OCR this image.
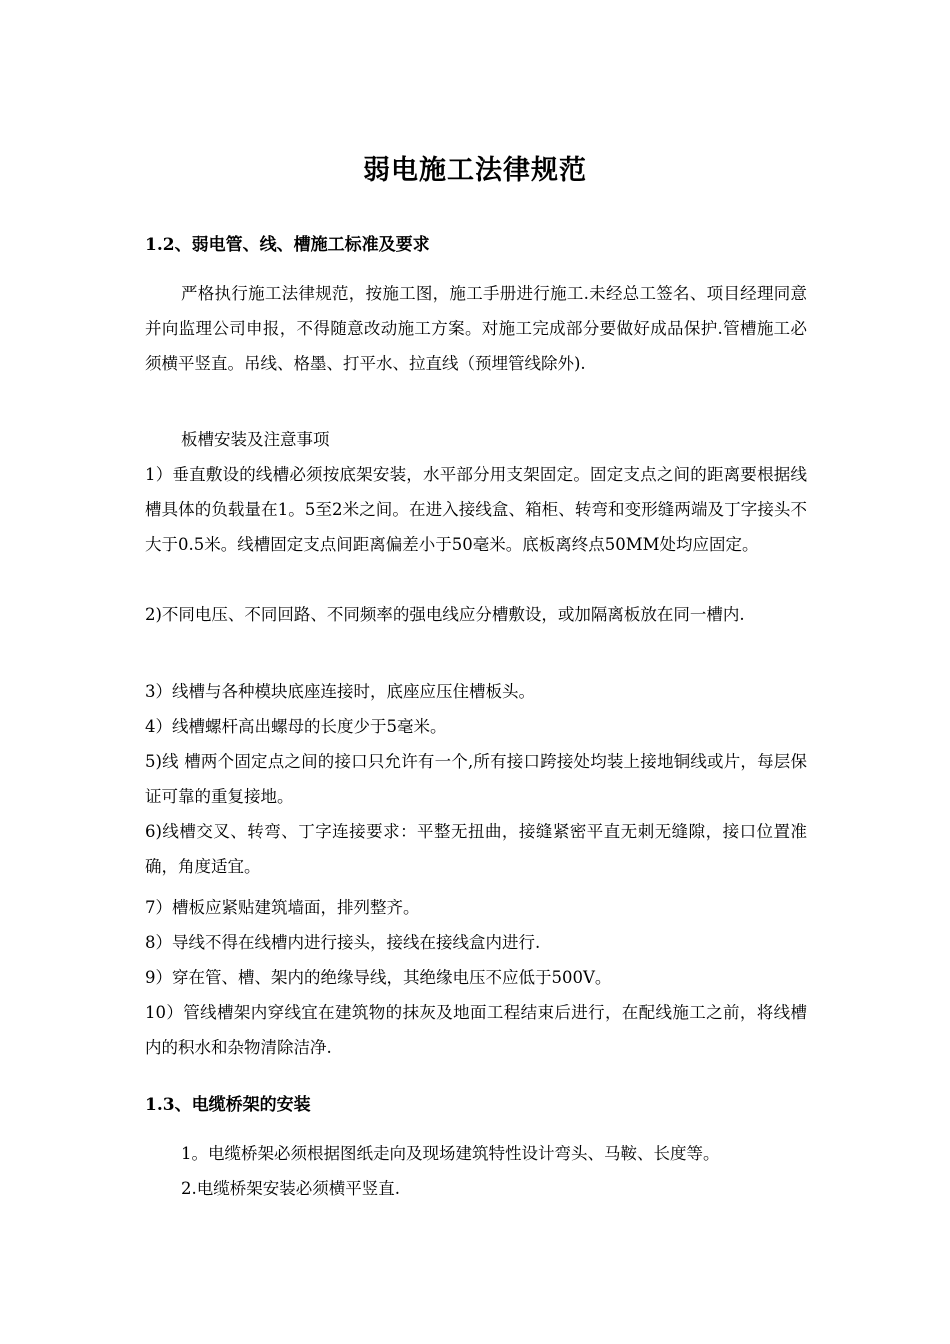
弱电施工法律规范
1.2、弱电管、线、槽施工标准及要求
严格执行施工法律规范，按施工图，施工手册进行施工.未经总工签名、项目经理同意并向监理公司申报，不得随意改动施工方案。对施工完成部分要做好成品保护.管槽施工必须横平竖直。吊线、格墨、打平水、拉直线（预埋管线除外).
板槽安装及注意事项
1）垂直敷设的线槽必须按底架安装，水平部分用支架固定。固定支点之间的距离要根据线槽具体的负载量在1。5至2米之间。在进入接线盒、箱柜、转弯和变形缝两端及丁字接头不大于0.5米。线槽固定支点间距离偏差小于50毫米。底板离终点50MM处均应固定。
2)不同电压、不同回路、不同频率的强电线应分槽敷设，或加隔离板放在同一槽内.
3）线槽与各种模块底座连接时，底座应压住槽板头。
4）线槽螺杆高出螺母的长度少于5毫米。
5)线 槽两个固定点之间的接口只允许有一个,所有接口跨接处均装上接地铜线或片，每层保证可靠的重复接地。
6)线槽交叉、转弯、丁字连接要求：平整无扭曲，接缝紧密平直无刺无缝隙，接口位置准确，角度适宜。
7）槽板应紧贴建筑墙面，排列整齐。
8）导线不得在线槽内进行接头，接线在接线盒内进行.
9）穿在管、槽、架内的绝缘导线，其绝缘电压不应低于500V。
10）管线槽架内穿线宜在建筑物的抹灰及地面工程结束后进行，在配线施工之前，将线槽内的积水和杂物清除洁净.
1.3、电缆桥架的安装
1。电缆桥架必须根据图纸走向及现场建筑特性设计弯头、马鞍、长度等。
2.电缆桥架安装必须横平竖直.
